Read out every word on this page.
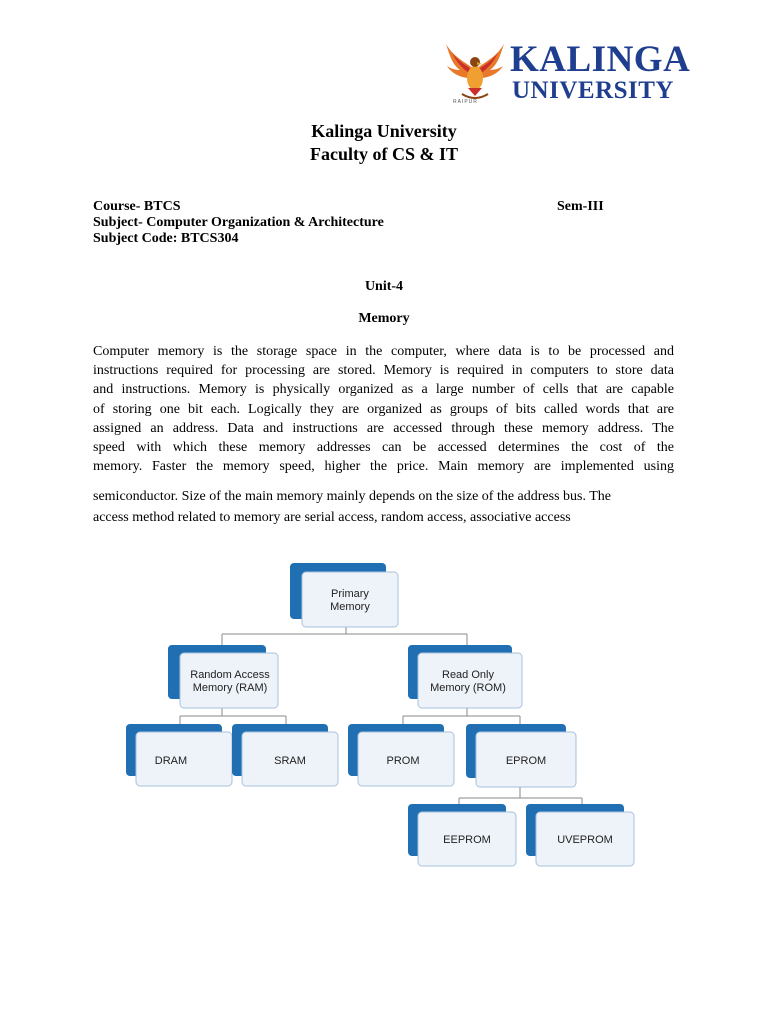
RAIPUR
KALINGA
UNIVERSITY
Kalinga University
Faculty of CS & IT
Course- BTCS	Sem-III
Subject- Computer Organization & Architecture
Subject Code: BTCS304
Unit-4
Memory
Computer memory is the storage space in the computer, where data is to be processed and
instructions required for processing are stored. Memory is required in computers to store data
and instructions. Memory is physically organized as a large number of cells that are capable
of storing one bit each. Logically they are organized as groups of bits called words that are
assigned an address. Data and instructions are accessed through these memory address. The
speed with which these memory addresses can be accessed determines the cost of the
memory. Faster the memory speed, higher the price. Main memory are implemented using
semiconductor. Size of the main memory mainly depends on the size of the address bus. The
access method related to memory are serial access, random access, associative access
Primary
Memory
Random Access
Memory (RAM)
Read Only
Memory (ROM)
DRAM	SRAM	PROM	EPROM
EEPROM	UVEPROM
